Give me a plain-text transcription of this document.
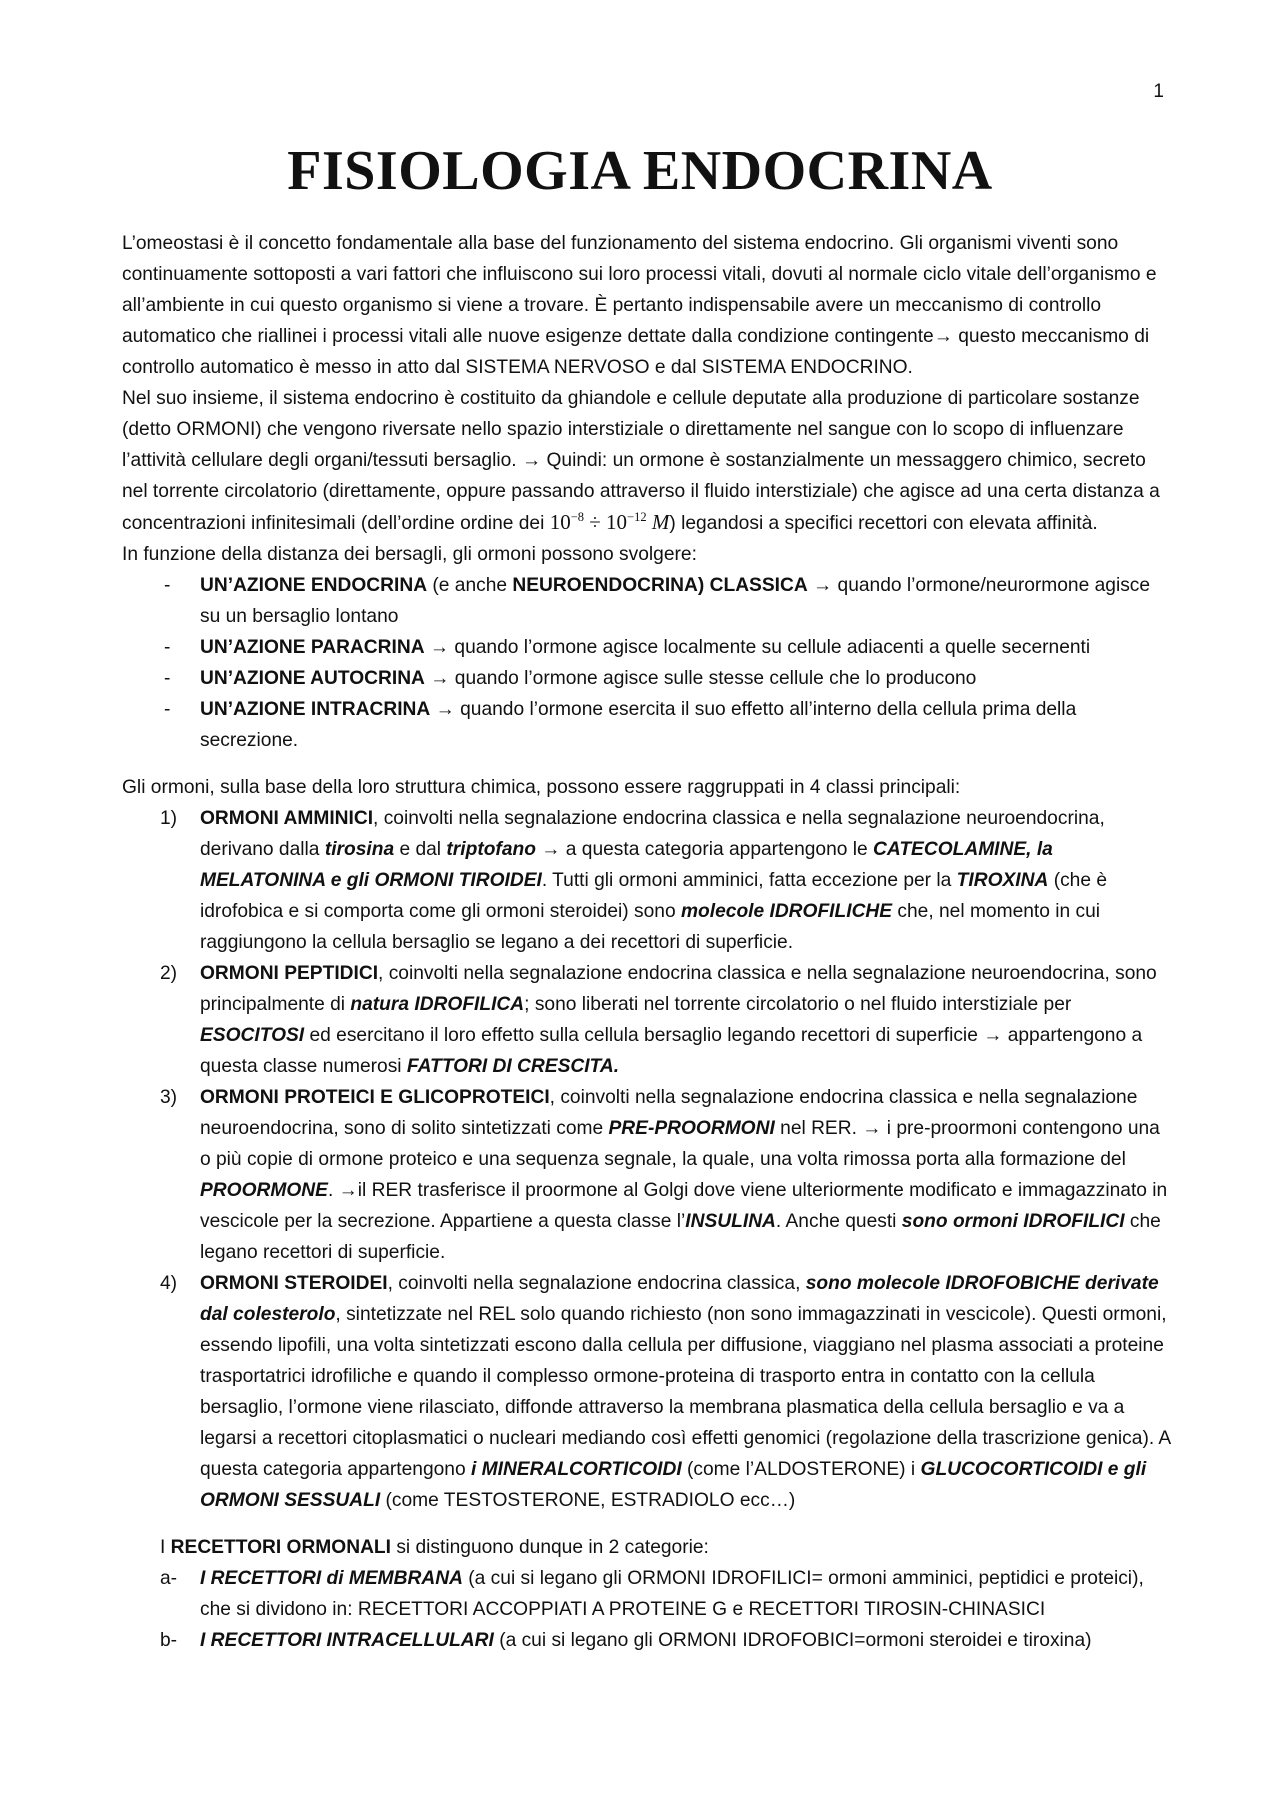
1
FISIOLOGIA ENDOCRINA

L’omeostasi è il concetto fondamentale alla base del funzionamento del sistema endocrino. Gli organismi viventi sono continuamente sottoposti a vari fattori che influiscono sui loro processi vitali, dovuti al normale ciclo vitale dell’organismo e all’ambiente in cui questo organismo si viene a trovare. È pertanto indispensabile avere un meccanismo di controllo automatico che riallinei i processi vitali alle nuove esigenze dettate dalla condizione contingente→ questo meccanismo di controllo automatico è messo in atto dal SISTEMA NERVOSO e dal SISTEMA ENDOCRINO.

Nel suo insieme, il sistema endocrino è costituito da ghiandole e cellule deputate alla produzione di particolare sostanze (detto ORMONI) che vengono riversate nello spazio interstiziale o direttamente nel sangue con lo scopo di influenzare l’attività cellulare degli organi/tessuti bersaglio. → Quindi: un ormone è sostanzialmente un messaggero chimico, secreto nel torrente circolatorio (direttamente, oppure passando attraverso il fluido interstiziale) che agisce ad una certa distanza a concentrazioni infinitesimali (dell’ordine ordine dei $10^{-8} \div 10^{-12}$ M) legandosi a specifici recettori con elevata affinità.

In funzione della distanza dei bersagli, gli ormoni possono svolgere:

- UN’AZIONE ENDOCRINA (e anche NEUROENDOCRINA) CLASSICA → quando l’ormone/neurormone agisce su un bersaglio lontano
- UN’AZIONE PARACRINA → quando l’ormone agisce localmente su cellule adiacenti a quelle secernenti
- UN’AZIONE AUTOCRINA → quando l’ormone agisce sulle stesse cellule che lo producono
- UN’AZIONE INTRACRINA → quando l’ormone esercita il suo effetto all’interno della cellula prima della secrezione.

Gli ormoni, sulla base della loro struttura chimica, possono essere raggruppati in 4 classi principali:

1) ORMONI AMMINICI, coinvolti nella segnalazione endocrina classica e nella segnalazione neuroendocrina, derivano dalla tirosina e dal triptofano → a questa categoria appartengono le CATECOLAMINE, la MELATONINA e gli ORMONI TIROIDEI. Tutti gli ormoni amminici, fatta eccezione per la TIROXINA (che è idrofobica e si comporta come gli ormoni steroidei) sono molecole IDROFILICHE che, nel momento in cui raggiungono la cellula bersaglio se legano a dei recettori di superficie.
2) ORMONI PEPTIDICI, coinvolti nella segnalazione endocrina classica e nella segnalazione neuroendocrina, sono principalmente di natura IDROFILICA; sono liberati nel torrente circolatorio o nel fluido interstiziale per ESOCITOSI ed esercitano il loro effetto sulla cellula bersaglio legando recettori di superficie → appartengono a questa classe numerosi FATTORI DI CRESCITA.
3) ORMONI PROTEICI E GLICOPROTEICI, coinvolti nella segnalazione endocrina classica e nella segnalazione neuroendocrina, sono di solito sintetizzati come PRE-PROORMONI nel RER. → i pre-proormoni contengono una o più copie di ormone proteico e una sequenza segnale, la quale, una volta rimossa porta alla formazione del PROORMONE. →il RER trasferisce il proormone al Golgi dove viene ulteriormente modificato e immagazzinato in vescicole per la secrezione. Appartiene a questa classe l’INSULINA. Anche questi sono ormoni IDROFILICI che legano recettori di superficie.
4) ORMONI STEROIDEI, coinvolti nella segnalazione endocrina classica, sono molecole IDROFOBICHE derivate dal colesterolo, sintetizzate nel REL solo quando richiesto (non sono immagazzinati in vescicole). Questi ormoni, essendo lipofili, una volta sintetizzati escono dalla cellula per diffusione, viaggiano nel plasma associati a proteine trasportatrici idrofiliche e quando il complesso ormone-proteina di trasporto entra in contatto con la cellula bersaglio, l’ormone viene rilasciato, diffonde attraverso la membrana plasmatica della cellula bersaglio e va a legarsi a recettori citoplasmatici o nucleari mediando così effetti genomici (regolazione della trascrizione genica). A questa categoria appartengono i MINERALCORTICOIDI (come l’ALDOSTERONE) i GLUCOCORTICOIDI e gli ORMONI SESSUALI (come TESTOSTERONE, ESTRADIOLO ecc…)

I RECETTORI ORMONALI si distinguono dunque in 2 categorie:

a- I RECETTORI di MEMBRANA (a cui si legano gli ORMONI IDROFILICI= ormoni amminici, peptidici e proteici), che si dividono in: RECETTORI ACCOPPIATI A PROTEINE G e RECETTORI TIROSIN-CHINASICI
b- I RECETTORI INTRACELLULARI (a cui si legano gli ORMONI IDROFOBICI=ormoni steroidei e tiroxina)
